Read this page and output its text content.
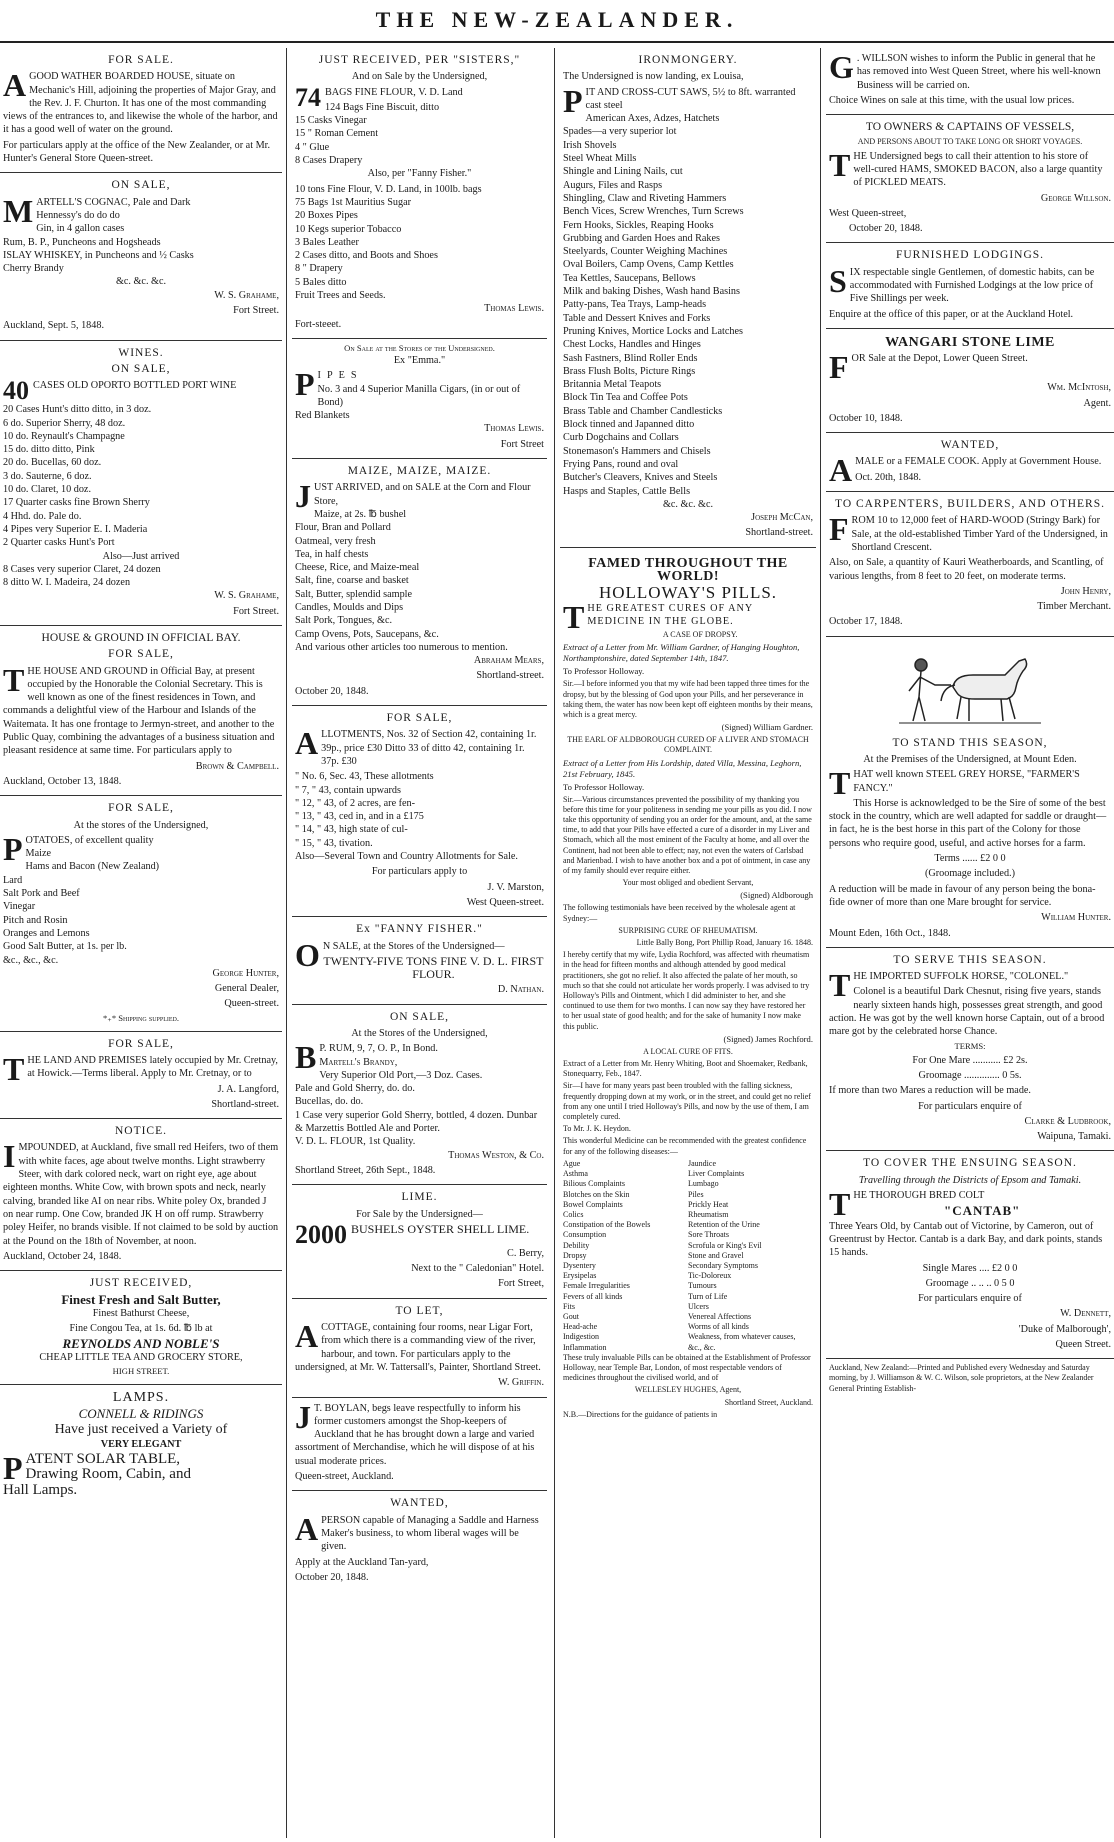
THE NEW-ZEALANDER.
FOR SALE.

AGOOD WATHER BOARDED HOUSE, situate on Mechanic's Hill, adjoining the properties of Major Gray, and the Rev. J. F. Churton. It has one of the most commanding views of the entrances to, and likewise the whole of the harbor, and it has a good well of water on the ground.

For particulars apply at the office of the New Zealander, or at Mr. Hunter's General Store Queen-street.

ON SALE,
M ARTELL'S COGNAC, Pale and Dark
Hennessy's do do do
Gin, in 4 gallon cases
Rum, B. P., Puncheons and Hogsheads
ISLAY WHISKEY, in Puncheons and ½ Casks
Cherry Brandy
&c. &c. &c.

W. S. Grahame,

Fort Street.

Auckland, Sept. 5, 1848.

WINES.
ON SALE,

40 CASES OLD OPORTO BOTTLED PORT WINE

20 Cases Hunt's ditto ditto, in 3 doz.
6 do. Superior Sherry, 48 doz.
10 do. Reynault's Champagne
15 do. ditto ditto, Pink
20 do. Bucellas, 60 doz.
3 do. Sauterne, 6 doz.
10 do. Claret, 10 doz.
17 Quarter casks fine Brown Sherry
4 Hhd. do. Pale do.
4 Pipes very Superior E. I. Maderia
2 Quarter casks Hunt's Port
Also—Just arrived
8 Cases very superior Claret, 24 dozen
8 ditto W. I. Madeira, 24 dozen

W. S. Grahame,

Fort Street.

HOUSE & GROUND IN OFFICIAL BAY.
FOR SALE,

THE HOUSE AND GROUND in Official Bay, at present occupied by the Honorable the Colonial Secretary. This is well known as one of the finest residences in Town, and commands a delightful view of the Harbour and Islands of the Waitemata. It has one frontage to Jermyn-street, and another to the Public Quay, combining the advantages of a business situation and pleasant residence at same time. For particulars apply to

Brown & Campbell.

Auckland, October 13, 1848.

FOR SALE,

At the stores of the Undersigned,

P OTATOES, of excellent quality
Maize
Hams and Bacon (New Zealand)
Lard
Salt Pork and Beef
Vinegar
Pitch and Rosin
Oranges and Lemons
Good Salt Butter, at 1s. per lb.
&c., &c., &c.

George Hunter,

General Dealer,

Queen-street.

*₊* Shipping supplied.

FOR SALE,

THE LAND AND PREMISES lately occupied by Mr. Cretnay, at Howick.—Terms liberal. Apply to Mr. Cretnay, or to

J. A. Langford,

Shortland-street.

NOTICE.

IMPOUNDED, at Auckland, five small red Heifers, two of them with white faces, age about twelve months. Light strawberry Steer, with dark colored neck, wart on right eye, age about eighteen months. White Cow, with brown spots and neck, nearly calving, branded like AI on near ribs. White poley Ox, branded J on near rump. One Cow, branded JK H on off rump. Strawberry poley Heifer, no brands visible. If not claimed to be sold by auction at the Pound on the 18th of November, at noon.

Auckland, October 24, 1848.

JUST RECEIVED,
Finest Fresh and Salt Butter,

Finest Bathurst Cheese,

Fine Congou Tea, at 1s. 6d. ℔ lb at

REYNOLDS AND NOBLE'S

CHEAP LITTLE TEA AND GROCERY STORE,

HIGH STREET.

LAMPS.

CONNELL & RIDINGS

Have just received a Variety of

VERY ELEGANT

PATENT SOLAR TABLE,

Drawing Room, Cabin, and

Hall Lamps.

JUST RECEIVED, PER "SISTERS,"

And on Sale by the Undersigned,

74 BAGS FINE FLOUR, V. D. Land

124 Bags Fine Biscuit, ditto
15 Casks Vinegar
15 " Roman Cement
4 " Glue
8 Cases Drapery

Also, per "Fanny Fisher."

10 tons Fine Flour, V. D. Land, in 100lb. bags
75 Bags 1st Mauritius Sugar
20 Boxes Pipes
10 Kegs superior Tobacco
3 Bales Leather
2 Cases ditto, and Boots and Shoes
8 " Drapery
5 Bales ditto
Fruit Trees and Seeds.

Thomas Lewis.

Fort-steeet.

On Sale at the Stores of the Undersigned.

Ex "Emma."

P IPES
No. 3 and 4 Superior Manilla Cigars, (in or out of Bond)
Red Blankets

Thomas Lewis.

Fort Street

MAIZE, MAIZE, MAIZE.
J UST ARRIVED, and on SALE at the Corn and Flour Store,
Maize, at 2s. ℔ bushel
Flour, Bran and Pollard
Oatmeal, very fresh
Tea, in half chests
Cheese, Rice, and Maize-meal
Salt, fine, coarse and basket
Salt, Butter, splendid sample
Candles, Moulds and Dips
Salt Pork, Tongues, &c.
Camp Ovens, Pots, Saucepans, &c.
And various other articles too numerous to mention.

Abraham Mears,

Shortland-street.

October 20, 1848.

FOR SALE,

ALLOTMENTS, Nos. 32 of Section 42, containing 1r. 39p., price £30 Ditto 33 of ditto 42, containing 1r. 37p. £30

" No. 6, Sec. 43, These allotments
" 7, " 43, contain upwards
" 12, " 43, of 2 acres, are fen-
" 13, " 43, ced in, and in a £175
" 14, " 43, high state of cul-
" 15, " 43, tivation.

Also—Several Town and Country Allotments for Sale.

For particulars apply to

J. V. Marston,

West Queen-street.

Ex "FANNY FISHER."

O N SALE, at the Stores of the Undersigned—

TWENTY-FIVE TONS FINE V. D. L. FIRST FLOUR.

D. Nathan.

ON SALE,

At the Stores of the Undersigned,

B P. RUM, 9, 7, O. P., In Bond.
Martell's Brandy,
Very Superior Old Port,—3 Doz. Cases.
Pale and Gold Sherry, do. do.
Bucellas, do. do.
1 Case very superior Gold Sherry, bottled, 4 dozen. Dunbar & Marzettis Bottled Ale and Porter.
V. D. L. FLOUR, 1st Quality.

Thomas Weston, & Co.

Shortland Street, 26th Sept., 1848.

LIME.

For Sale by the Undersigned—

2000 BUSHELS OYSTER SHELL LIME.

C. Berry,

Next to the " Caledonian" Hotel.

Fort Street,

TO LET,

ACOTTAGE, containing four rooms, near Ligar Fort, from which there is a commanding view of the river, harbour, and town. For particulars apply to the undersigned, at Mr. W. Tattersall's, Painter, Shortland Street.

W. Griffin.

J T. BOYLAN, begs leave respectfully to inform his former customers amongst the Shop-keepers of Auckland that he has brought down a large and varied assortment of Merchandise, which he will dispose of at his usual moderate prices.

Queen-street, Auckland.

WANTED,

APERSON capable of Managing a Saddle and Harness Maker's business, to whom liberal wages will be given.

Apply at the Auckland Tan-yard,

October 20, 1848.

IRONMONGERY.

The Undersigned is now landing, ex Louisa,

P IT AND CROSS-CUT SAWS, 5½ to 8ft. warranted cast steel
American Axes, Adzes, Hatchets
Spades—a very superior lot
Irish Shovels
Steel Wheat Mills
Shingle and Lining Nails, cut
Augurs, Files and Rasps
Shingling, Claw and Riveting Hammers
Bench Vices, Screw Wrenches, Turn Screws
Fern Hooks, Sickles, Reaping Hooks
Grubbing and Garden Hoes and Rakes
Steelyards, Counter Weighing Machines
Oval Boilers, Camp Ovens, Camp Kettles
Tea Kettles, Saucepans, Bellows
Milk and baking Dishes, Wash hand Basins
Patty-pans, Tea Trays, Lamp-heads
Table and Dessert Knives and Forks
Pruning Knives, Mortice Locks and Latches
Chest Locks, Handles and Hinges
Sash Fastners, Blind Roller Ends
Brass Flush Bolts, Picture Rings
Britannia Metal Teapots
Block Tin Tea and Coffee Pots
Brass Table and Chamber Candlesticks
Block tinned and Japanned ditto
Curb Dogchains and Collars
Stonemason's Hammers and Chisels
Frying Pans, round and oval
Butcher's Cleavers, Knives and Steels
Hasps and Staples, Cattle Bells
&c. &c. &c.

Joseph McCan,

Shortland-street.

FAMED THROUGHOUT THE WORLD!
HOLLOWAY'S PILLS.

THE GREATEST CURES OF ANY MEDICINE IN THE GLOBE.

A CASE OF DROPSY.

Extract of a Letter from Mr. William Gardner, of Hanging Houghton, Northamptonshire, dated September 14th, 1847.

To Professor Holloway.

Sir.—I before informed you that my wife had been tapped three times for the dropsy, but by the blessing of God upon your Pills, and her perseverance in taking them, the water has now been kept off eighteen months by their means, which is a great mercy.

(Signed) William Gardner.

THE EARL OF ALDBOROUGH CURED OF A LIVER AND STOMACH COMPLAINT.

Extract of a Letter from His Lordship, dated Villa, Messina, Leghorn, 21st February, 1845.

To Professor Holloway.

Sir.—Various circumstances prevented the possibility of my thanking you before this time for your politeness in sending me your pills as you did. I now take this opportunity of sending you an order for the amount, and, at the same time, to add that your Pills have effected a cure of a disorder in my Liver and Stomach, which all the most eminent of the Faculty at home, and all over the Continent, had not been able to effect; nay, not even the waters of Carlsbad and Marienbad. I wish to have another box and a pot of ointment, in case any of my family should ever require either.

Your most obliged and obedient Servant,

(Signed) Aldborough

The following testimonials have been received by the wholesale agent at Sydney:—

SURPRISING CURE OF RHEUMATISM.

Little Bally Bong, Port Phillip Road, January 16. 1848.

I hereby certify that my wife, Lydia Rochford, was affected with rheumatism in the head for fifteen months and although attended by good medical practitioners, she got no relief. It also affected the palate of her mouth, so much so that she could not articulate her words properly. I was advised to try Holloway's Pills and Ointment, which I did administer to her, and she continued to use them for two months. I can now say they have restored her to her usual state of good health; and for the sake of humanity I now make this public.

(Signed) James Rochford.

A LOCAL CURE OF FITS.

Extract of a Letter from Mr. Henry Whiting, Boot and Shoemaker, Redbank, Stonequarry, Feb., 1847.

Sir—I have for many years past been troubled with the falling sickness, frequently dropping down at my work, or in the street, and could get no relief from any one until I tried Holloway's Pills, and now by the use of them, I am completely cured.

To Mr. J. K. Heydon.

This wonderful Medicine can be recommended with the greatest confidence for any of the following diseases:—

Ague
Asthma
Bilious Complaints
Blotches on the Skin
Bowel Complaints
Colics
Constipation of the Bowels
Consumption
Debility
Dropsy
Dysentery
Erysipelas
Female Irregularities
Fevers of all kinds
Fits
Gout
Head-ache
Indigestion
Inflammation
Jaundice
Liver Complaints
Lumbago
Piles
Prickly Heat
Rheumatism
Retention of the Urine
Sore Throats
Scrofula or King's Evil
Stone and Gravel
Secondary Symptoms
Tic-Doloreux
Tumours
Turn of Life
Ulcers
Venereal Affections
Worms of all kinds
Weakness, from whatever causes,
&c., &c.

These truly invaluable Pills can be obtained at the Establishment of Professor Holloway, near Temple Bar, London, of most respectable vendors of medicines throughout the civilised world, and of

WELLESLEY HUGHES, Agent,

Shortland Street, Auckland.

N.B.—Directions for the guidance of patients in

G . WILLSON wishes to inform the Public in general that he has removed into West Queen Street, where his well-known Business will be carried on.

Choice Wines on sale at this time, with the usual low prices.

TO OWNERS & CAPTAINS OF VESSELS,

AND PERSONS ABOUT TO TAKE LONG OR SHORT VOYAGES.

THE Undersigned begs to call their attention to his store of well-cured HAMS, SMOKED BACON, also a large quantity of PICKLED MEATS.

George Willson.

West Queen-street,

October 20, 1848.

FURNISHED LODGINGS.

SIX respectable single Gentlemen, of domestic habits, can be accommodated with Furnished Lodgings at the low price of Five Shillings per week.

Enquire at the office of this paper, or at the Auckland Hotel.

WANGARI STONE LIME

FOR Sale at the Depot, Lower Queen Street.

Wm. McIntosh,

Agent.

October 10, 1848.

WANTED,

AMALE or a FEMALE COOK. Apply at Government House.

Oct. 20th, 1848.

TO CARPENTERS, BUILDERS, AND OTHERS.

FROM 10 to 12,000 feet of HARD-WOOD (Stringy Bark) for Sale, at the old-established Timber Yard of the Undersigned, in Shortland Crescent.

Also, on Sale, a quantity of Kauri Weatherboards, and Scantling, of various lengths, from 8 feet to 20 feet, on moderate terms.

John Henry,

Timber Merchant.

October 17, 1848.

TO STAND THIS SEASON,

At the Premises of the Undersigned, at Mount Eden.

THAT well known STEEL GREY HORSE, "FARMER'S FANCY."

This Horse is acknowledged to be the Sire of some of the best stock in the country, which are well adapted for saddle or draught—in fact, he is the best horse in this part of the Colony for those persons who require good, useful, and active horses for a farm.

Terms ...... £2 0 0

(Groomage included.)

A reduction will be made in favour of any person being the bona-fide owner of more than one Mare brought for service.

William Hunter.

Mount Eden, 16th Oct., 1848.

TO SERVE THIS SEASON.

THE IMPORTED SUFFOLK HORSE, "COLONEL."

Colonel is a beautiful Dark Chesnut, rising five years, stands nearly sixteen hands high, possesses great strength, and good action. He was got by the well known horse Captain, out of a brood mare got by the celebrated horse Chance.

TERMS:

For One Mare ........... £2 2s.

Groomage .............. 0 5s.

If more than two Mares a reduction will be made.

For particulars enquire of

Clarke & Ludbrook,

Waipuna, Tamaki.

TO COVER THE ENSUING SEASON.

Travelling through the Districts of Epsom and Tamaki.

THE THOROUGH BRED COLT

"CANTAB"

Three Years Old, by Cantab out of Victorine, by Cameron, out of Greentrust by Hector. Cantab is a dark Bay, and dark points, stands 15 hands.

Single Mares .... £2 0 0

Groomage .. .. .. 0 5 0

For particulars enquire of

W. Dennett,

'Duke of Malborough',

Queen Street.

Auckland, New Zealand:—Printed and Published every Wednesday and Saturday morning, by J. Williamson & W. C. Wilson, sole proprietors, at the New Zealander General Printing Establish-
